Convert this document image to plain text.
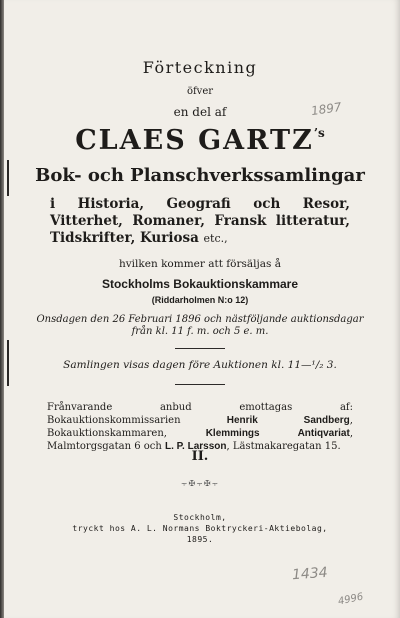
Förteckning
öfver
en del af
CLAES $GARTZ^{’s}$
Bok- och Planschverkssamlingar
i Historia, Geografi och Resor, Vitterhet, Romaner, Fransk litteratur, Tidskrifter, Kuriosa etc.,
hvilken kommer att försäljas å
Stockholms Bokauktionskammare
(Riddarholmen N:o 12)
Onsdagen den 26 Februari 1896 och nästföljande auktionsdagar
från kl. 11 f. m. och 5 e. m.
Samlingen visas dagen före Auktionen kl. 11—¹/₂ 3.
Frånvarande anbud emottagas af: Bokauktionskommissarien	Henrik Sandberg, Bokauktionskammaren, Klemmings Antiqvariat, Malmtorgsgatan 6 och L. P. Larsson, Lästmakaregatan 15.
II.
⸟✠⸟✠⸟
Stockholm,
tryckt hos A. L. Normans Boktryckeri-Aktiebolag,
1895.
1897
1434
4996
